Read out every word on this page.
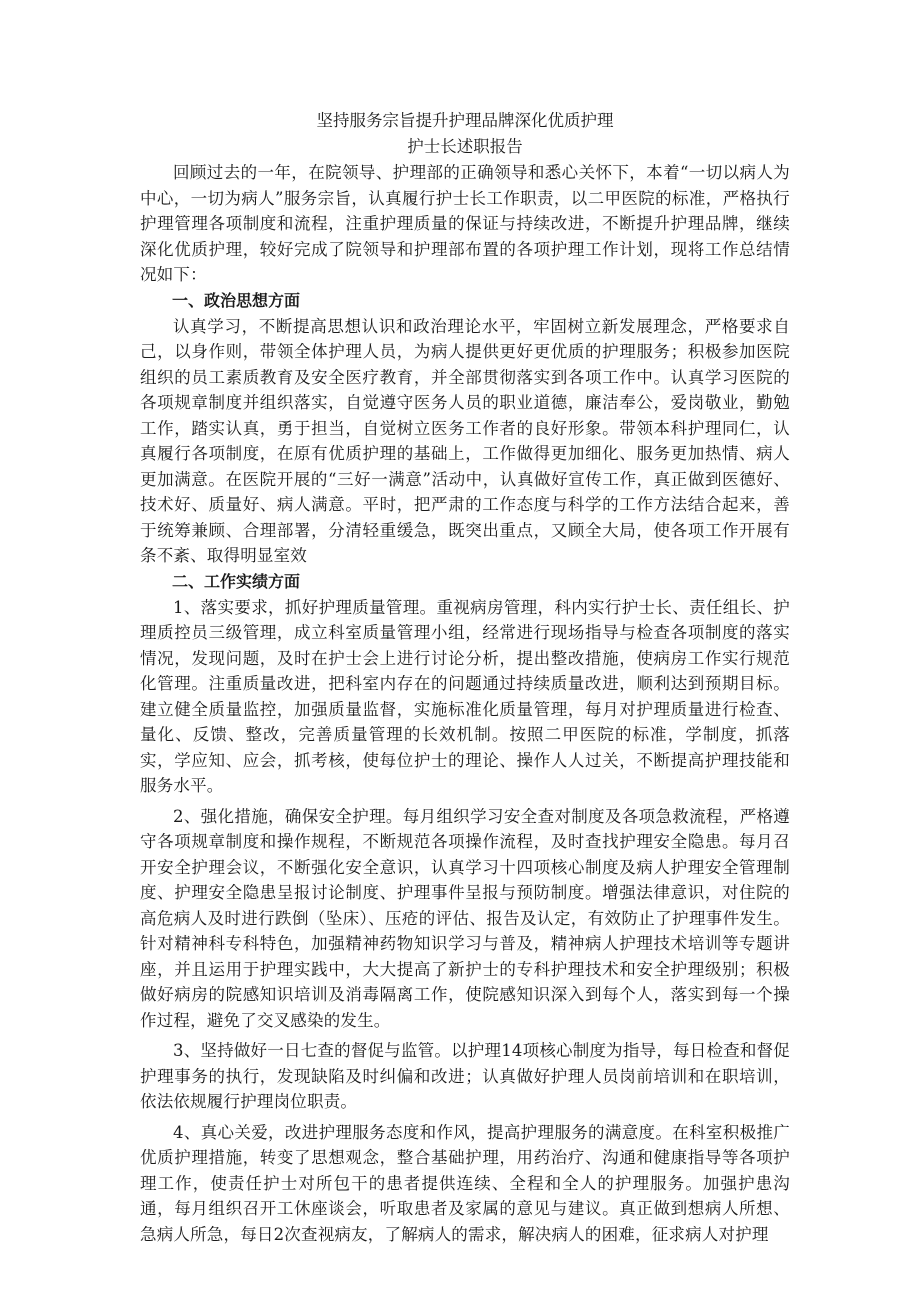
坚持服务宗旨提升护理品牌深化优质护理

护士长述职报告

回顾过去的一年，在院领导、护理部的正确领导和悉心关怀下，本着“一切以病人为中心，一切为病人”服务宗旨，认真履行护士长工作职责，以二甲医院的标准，严格执行护理管理各项制度和流程，注重护理质量的保证与持续改进，不断提升护理品牌，继续深化优质护理，较好完成了院领导和护理部布置的各项护理工作计划，现将工作总结情况如下：

一、政治思想方面

认真学习，不断提高思想认识和政治理论水平，牢固树立新发展理念，严格要求自己，以身作则，带领全体护理人员，为病人提供更好更优质的护理服务；积极参加医院组织的员工素质教育及安全医疗教育，并全部贯彻落实到各项工作中。认真学习医院的各项规章制度并组织落实，自觉遵守医务人员的职业道德，廉洁奉公，爱岗敬业，勤勉工作，踏实认真，勇于担当，自觉树立医务工作者的良好形象。带领本科护理同仁，认真履行各项制度，在原有优质护理的基础上，工作做得更加细化、服务更加热情、病人更加满意。在医院开展的“三好一满意”活动中，认真做好宣传工作，真正做到医德好、技术好、质量好、病人满意。平时，把严肃的工作态度与科学的工作方法结合起来，善于统筹兼顾、合理部署，分清轻重缓急，既突出重点，又顾全大局，使各项工作开展有条不紊、取得明显室效

二、工作实绩方面

1、落实要求，抓好护理质量管理。重视病房管理，科内实行护士长、责任组长、护理质控员三级管理，成立科室质量管理小组，经常进行现场指导与检查各项制度的落实情况，发现问题，及时在护士会上进行讨论分析，提出整改措施，使病房工作实行规范化管理。注重质量改进，把科室内存在的问题通过持续质量改进，顺利达到预期目标。建立健全质量监控，加强质量监督，实施标准化质量管理，每月对护理质量进行检查、量化、反馈、整改，完善质量管理的长效机制。按照二甲医院的标准，学制度，抓落实，学应知、应会，抓考核，使每位护士的理论、操作人人过关，不断提高护理技能和服务水平。

2、强化措施，确保安全护理。每月组织学习安全查对制度及各项急救流程，严格遵守各项规章制度和操作规程，不断规范各项操作流程，及时查找护理安全隐患。每月召开安全护理会议，不断强化安全意识，认真学习十四项核心制度及病人护理安全管理制度、护理安全隐患呈报讨论制度、护理事件呈报与预防制度。增强法律意识，对住院的高危病人及时进行跌倒（坠床）、压疮的评估、报告及认定，有效防止了护理事件发生。针对精神科专科特色，加强精神药物知识学习与普及，精神病人护理技术培训等专题讲座，并且运用于护理实践中，大大提高了新护士的专科护理技术和安全护理级别；积极做好病房的院感知识培训及消毒隔离工作，使院感知识深入到每个人，落实到每一个操作过程，避免了交叉感染的发生。

3、坚持做好一日七查的督促与监管。以护理14项核心制度为指导，每日检查和督促护理事务的执行，发现缺陷及时纠偏和改进；认真做好护理人员岗前培训和在职培训，依法依规履行护理岗位职责。

4、真心关爱，改进护理服务态度和作风，提高护理服务的满意度。在科室积极推广优质护理措施，转变了思想观念，整合基础护理，用药治疗、沟通和健康指导等各项护理工作，使责任护士对所包干的患者提供连续、全程和全人的护理服务。加强护患沟通，每月组织召开工休座谈会，听取患者及家属的意见与建议。真正做到想病人所想、急病人所急，每日2次查视病友，了解病人的需求，解决病人的困难，征求病人对护理
